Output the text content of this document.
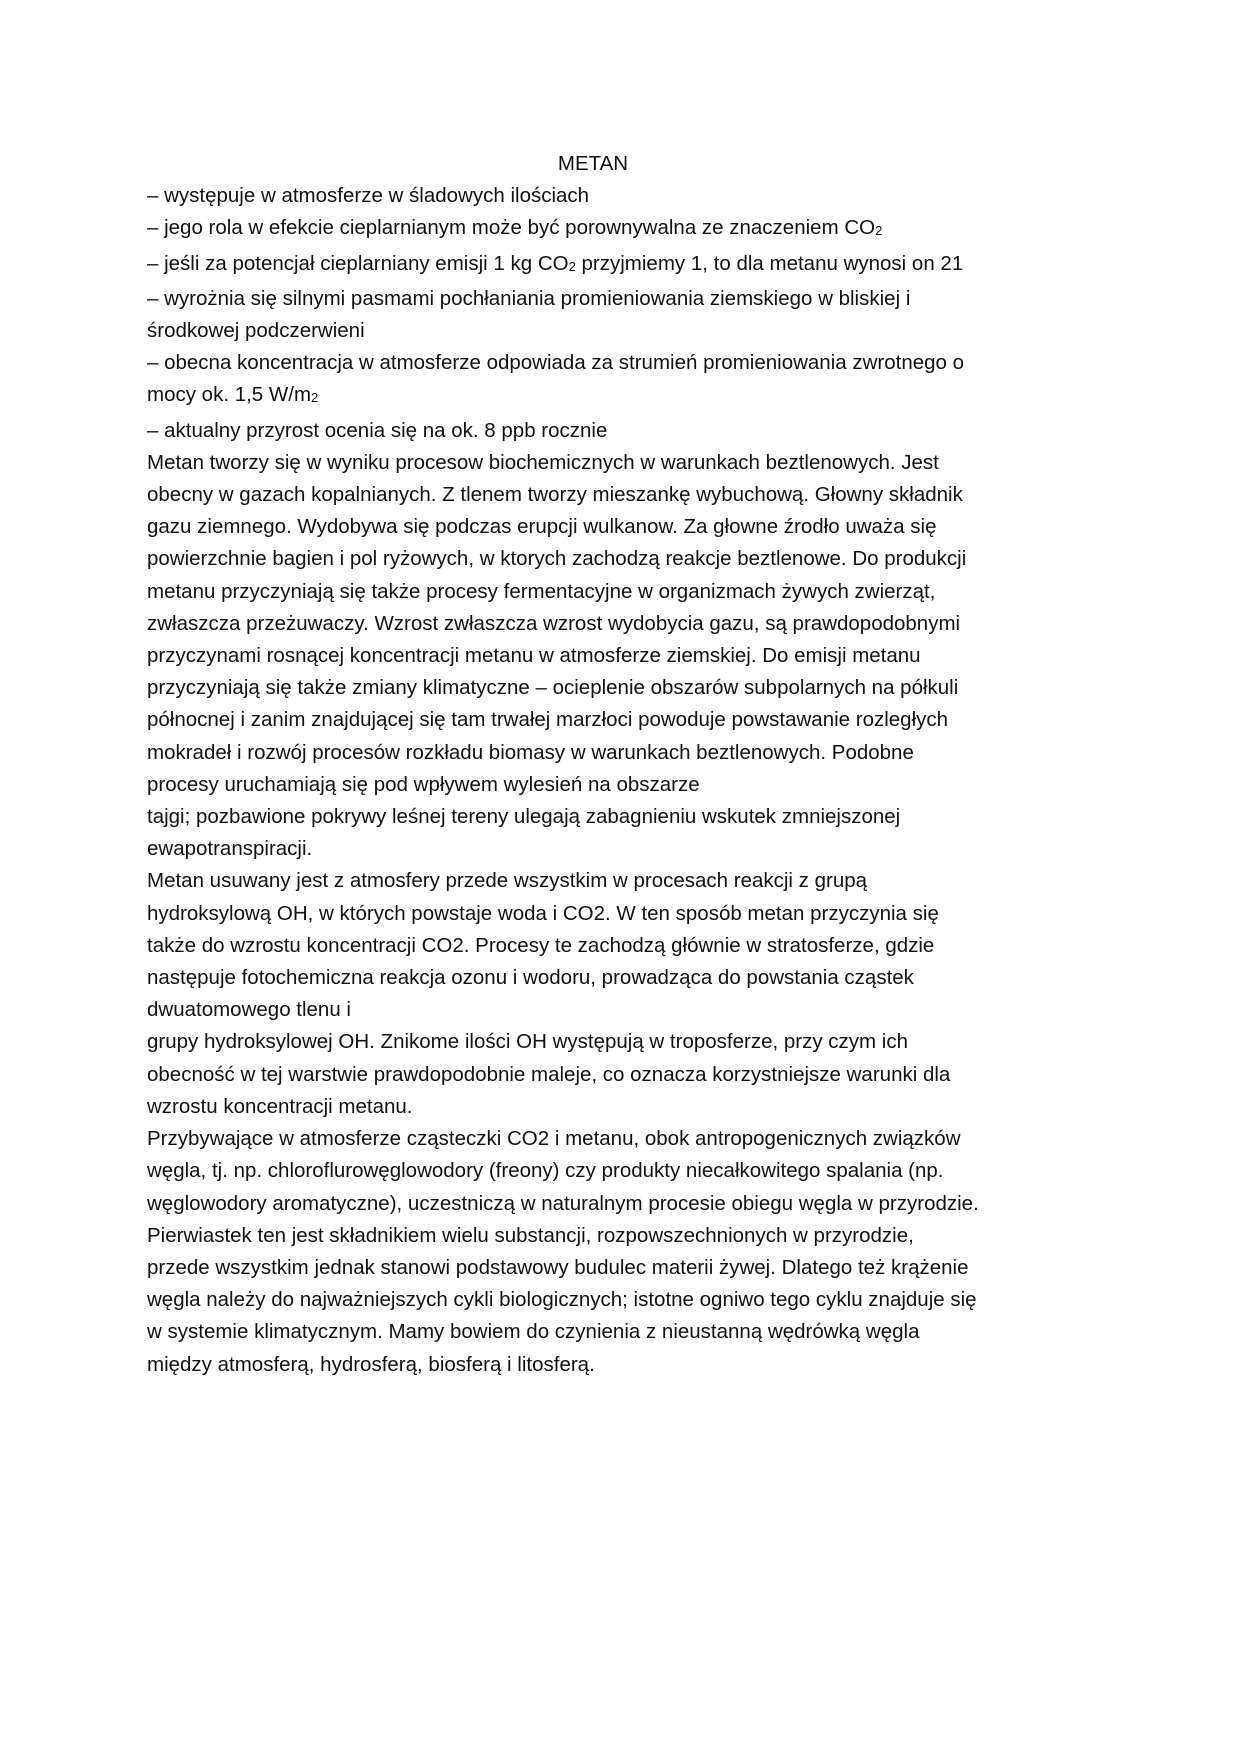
METAN

– występuje w atmosferze w śladowych ilościach

– jego rola w efekcie cieplarnianym może być porownywalna ze znaczeniem $CO_2$

– jeśli za potencjał cieplarniany emisji 1 kg $CO_2$ przyjmiemy 1, to dla metanu wynosi on 21

– wyrożnia się silnymi pasmami pochłaniania promieniowania ziemskiego w bliskiej i

środkowej podczerwieni

– obecna koncentracja w atmosferze odpowiada za strumień promieniowania zwrotnego o

mocy ok. 1,5 $W/m_2$

– aktualny przyrost ocenia się na ok. 8 ppb rocznie

Metan tworzy się w wyniku procesow biochemicznych w warunkach beztlenowych. Jest

obecny w gazach kopalnianych. Z tlenem tworzy mieszankę wybuchową. Głowny składnik

gazu ziemnego. Wydobywa się podczas erupcji wulkanow. Za głowne źrodło uważa się

powierzchnie bagien i pol ryżowych, w ktorych zachodzą reakcje beztlenowe. Do produkcji

metanu przyczyniają się także procesy fermentacyjne w organizmach żywych zwierząt,

zwłaszcza przeżuwaczy. Wzrost zwłaszcza wzrost wydobycia gazu, są prawdopodobnymi

przyczynami rosnącej koncentracji metanu w atmosferze ziemskiej. Do emisji metanu

przyczyniają się także zmiany klimatyczne – ocieplenie obszarów subpolarnych na półkuli

północnej i zanim znajdującej się tam trwałej marzłoci powoduje powstawanie rozległych

mokradeł i rozwój procesów rozkładu biomasy w warunkach beztlenowych. Podobne

procesy uruchamiają się pod wpływem wylesień na obszarze

tajgi; pozbawione pokrywy leśnej tereny ulegają zabagnieniu wskutek zmniejszonej

ewapotranspiracji.

Metan usuwany jest z atmosfery przede wszystkim w procesach reakcji z grupą

hydroksylową OH, w których powstaje woda i CO2. W ten sposób metan przyczynia się

także do wzrostu koncentracji CO2. Procesy te zachodzą głównie w stratosferze, gdzie

następuje fotochemiczna reakcja ozonu i wodoru, prowadząca do powstania cząstek

dwuatomowego tlenu i

grupy hydroksylowej OH. Znikome ilości OH występują w troposferze, przy czym ich

obecność w tej warstwie prawdopodobnie maleje, co oznacza korzystniejsze warunki dla

wzrostu koncentracji metanu.

Przybywające w atmosferze cząsteczki CO2 i metanu, obok antropogenicznych związków

węgla, tj. np. chloroflurowęglowodory (freony) czy produkty niecałkowitego spalania (np.

węglowodory aromatyczne), uczestniczą w naturalnym procesie obiegu węgla w przyrodzie.

Pierwiastek ten jest składnikiem wielu substancji, rozpowszechnionych w przyrodzie,

przede wszystkim jednak stanowi podstawowy budulec materii żywej. Dlatego też krążenie

węgla należy do najważniejszych cykli biologicznych; istotne ogniwo tego cyklu znajduje się

w systemie klimatycznym. Mamy bowiem do czynienia z nieustanną wędrówką węgla

między atmosferą, hydrosferą, biosferą i litosferą.
